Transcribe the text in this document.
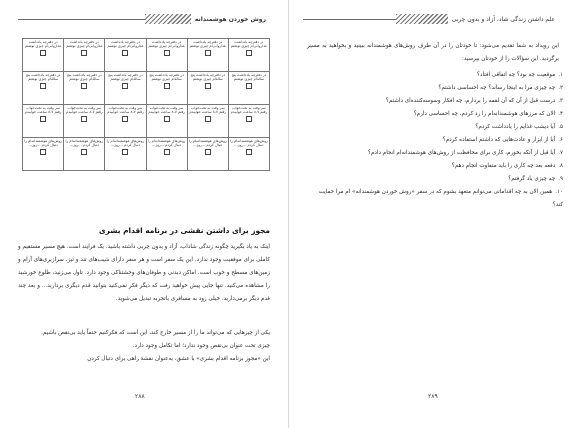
روش خوردن هوشمندانه
در دفترچه یادداشت غذاروانی‌ام چیزی نوشتم	در دفترچه یادداشت غذاروانی‌ام چیزی نوشتم	در دفترچه یادداشت غذاروانی‌ام چیزی نوشتم	در دفترچه یادداشت غذاروانی‌ام چیزی نوشتم	در دفترچه یادداشت غذاروانی‌ام چیزی نوشتم	در دفترچه یادداشت غذاروانی‌ام چیزی نوشتم

در دفترچه یادداشت پنج سالهٔ‌ام چیزی نوشتم	در دفترچه یادداشت پنج سالهٔ‌ام چیزی نوشتم	در دفترچه یادداشت پنج سالهٔ‌ام چیزی نوشتم	در دفترچه یادداشت پنج سالهٔ‌ام چیزی نوشتم	در دفترچه یادداشت پنج سالهٔ‌ام چیزی نوشتم	در دفترچه یادداشت پنج سالهٔ‌ام چیزی نوشتم

سر وقت به تخت‌خواب رفتم ۷-۸ ساعت خوابیدم	سر وقت به تخت‌خواب رفتم ۷-۸ ساعت خوابیدم	سر وقت به تخت‌خواب رفتم ۷-۸ ساعت خوابیدم	سر وقت به تخت‌خواب رفتم ۷-۸ ساعت خوابیدم	سر وقت به تخت‌خواب رفتم ۷-۸ ساعت خوابیدم	سر وقت به تخت‌خواب رفتم ۷-۸ ساعت خوابیدم

روش‌های هوشمندانه‌ام را دنبال کردم ...روز...	روش‌های هوشمندانه‌ام را دنبال کردم ...روز...	روش‌های هوشمندانه‌ام را دنبال کردم ...روز...	روش‌های هوشمندانه‌ام را دنبال کردم ...روز...	روش‌های هوشمندانه‌ام را دنبال کردم ...روز...	روش‌های هوشمندانه‌ام را دنبال کردم ...روز...
مجوز برای داشتن نقشی در برنامه اقدام بشری
اینک به یاد بگیرید چگونه زندگی شاداب، آزاد و بدون چربی داشته باشید. یک فرایند است. هیچ مسیر مستقیم و کاملی برای موفقیت وجود ندارد. این یک سفر است و هر سفر دارای شیب‌های تند و تیز، سرازیری‌های آرام و زمین‌های مسطح و خوب است. اماکن دیدنی و طوفان‌های وحشتناکی وجود دارد. تاول می‌زنید، طلوع خورشید را مشاهده می‌کنید. تنها جایی پیش خواهید رفت که دیگر فکر نمی‌کنید بتوانید قدم دیگری بردارید... و بعد چند قدم دیگر برمی‌دارید. خیلی زود به مسافری باتجربه تبدیل می‌شوید.

یکی از چیزهایی که می‌تواند ما را از مسیر خارج کند، این است که فکرکنیم حتماً باید بی‌نقص باشیم.

چیزی تحت عنوان بی‌نقص وجود ندارد؛ اما تکامل وجود دارد.

این «مجوز برنامه اقدام بشری» با عشق، به‌عنوان نقشهٔ راهی برای دنبال کردن

۲۸۸
علم داشتن زندگی شاد، آزاد و بدون چربی
این رویداد به شما تقدیم می‌شود: تا خودتان را در آن طرف روش‌های هوشمندانه ببینید و بخواهید به مسیر برگردید. این سؤالات را از خودتان بپرسید:
۱.موقعیت چه بود؟ چه اتفاقی افتاد؟
۲.چه چیزی مرا به اینجا رساند؟ چه احساسی داشتم؟
۳.درست قبل از آن که آن لقمه را بردارم، چه افکار وسوسه‌کننده‌ای داشتم؟
۴.الان که مرزهای هوشمندانه‌ام را رد کردم، چه احساسی دارم؟
۵.آیا دیشب غذایم را یادداشت کردم؟
۶.آیا از ابزار و عادت‌هایی که داشتم استفاده کردم؟
۷.آیا قبل از آنکه بخورم، کاری برای محافظت از روش‌های هوشمندانه‌ام انجام دادم؟
۸.دفعه بعد چه کاری را باید متفاوت انجام دهم؟
۹.چه چیزی یاد گرفتم؟
۱۰.همین الان به چه اقداماتی می‌توانم متعهد بشوم که در سفر «روش خوردن هوشمندانه» ام مرا حمایت کند؟
۲۸۹
